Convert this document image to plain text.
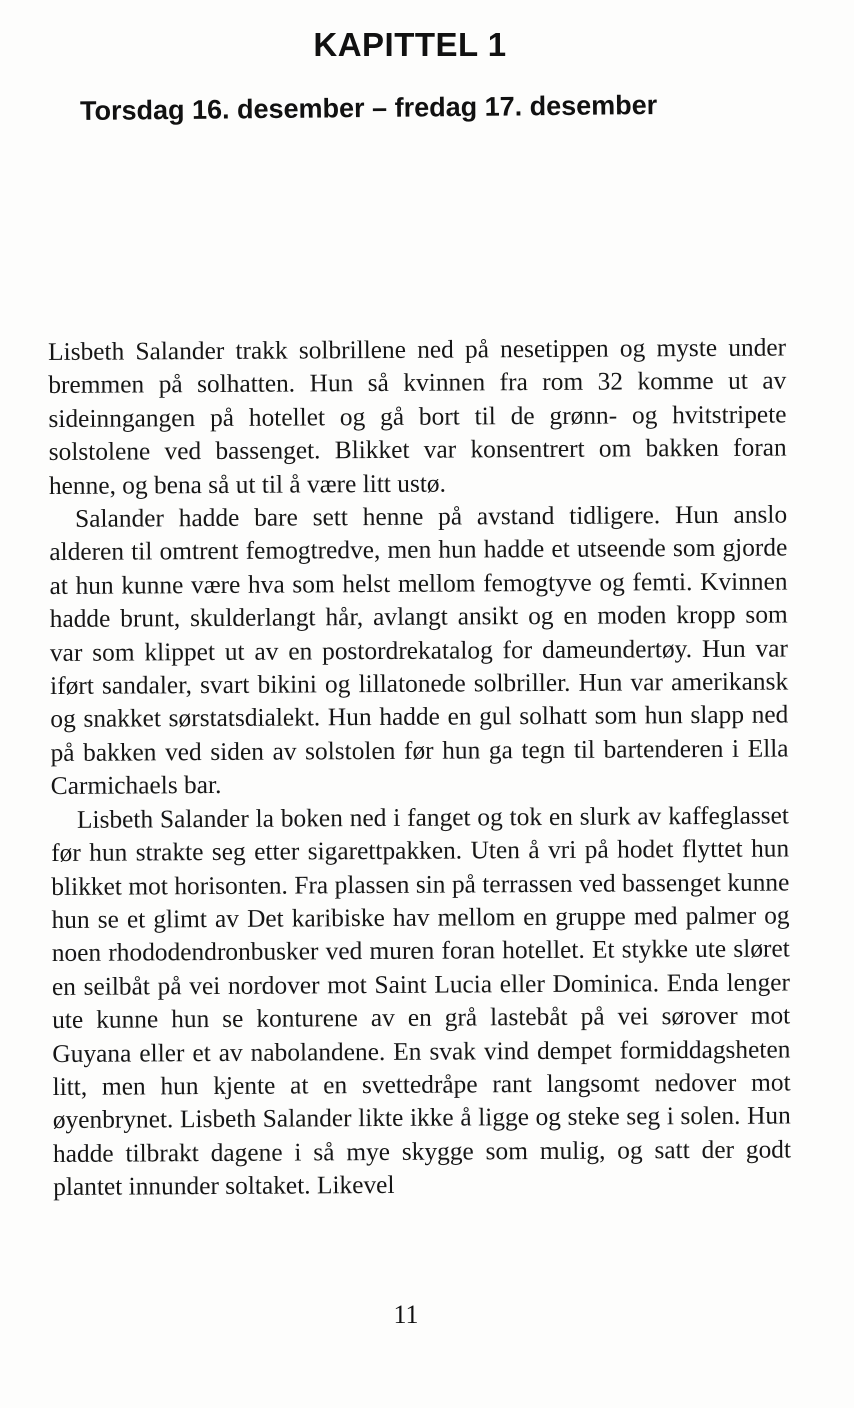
KAPITTEL 1
Torsdag 16. desember – fredag 17. desember

Lisbeth Salander trakk solbrillene ned på nesetippen og myste under bremmen på solhatten. Hun så kvinnen fra rom 32 komme ut av sideinngangen på hotellet og gå bort til de grønn- og hvitstripete solstolene ved bassenget. Blikket var konsentrert om bakken foran henne, og bena så ut til å være litt ustø.

Salander hadde bare sett henne på avstand tidligere. Hun anslo alderen til omtrent femogtredve, men hun hadde et utseende som gjorde at hun kunne være hva som helst mellom femogtyve og femti. Kvinnen hadde brunt, skulderlangt hår, avlangt ansikt og en moden kropp som var som klippet ut av en postordrekatalog for dameundertøy. Hun var iført sandaler, svart bikini og lillatonede solbriller. Hun var amerikansk og snakket sørstatsdialekt. Hun hadde en gul solhatt som hun slapp ned på bakken ved siden av solstolen før hun ga tegn til bartenderen i Ella Carmichaels bar.

Lisbeth Salander la boken ned i fanget og tok en slurk av kaffeglasset før hun strakte seg etter sigarettpakken. Uten å vri på hodet flyttet hun blikket mot horisonten. Fra plassen sin på terrassen ved bassenget kunne hun se et glimt av Det karibiske hav mellom en gruppe med palmer og noen rhododendronbusker ved muren foran hotellet. Et stykke ute sløret en seilbåt på vei nordover mot Saint Lucia eller Dominica. Enda lenger ute kunne hun se konturene av en grå lastebåt på vei sørover mot Guyana eller et av nabolandene. En svak vind dempet formiddagsheten litt, men hun kjente at en svettedråpe rant langsomt nedover mot øyenbrynet. Lisbeth Salander likte ikke å ligge og steke seg i solen. Hun hadde tilbrakt dagene i så mye skygge som mulig, og satt der godt plantet innunder soltaket. Likevel

11
